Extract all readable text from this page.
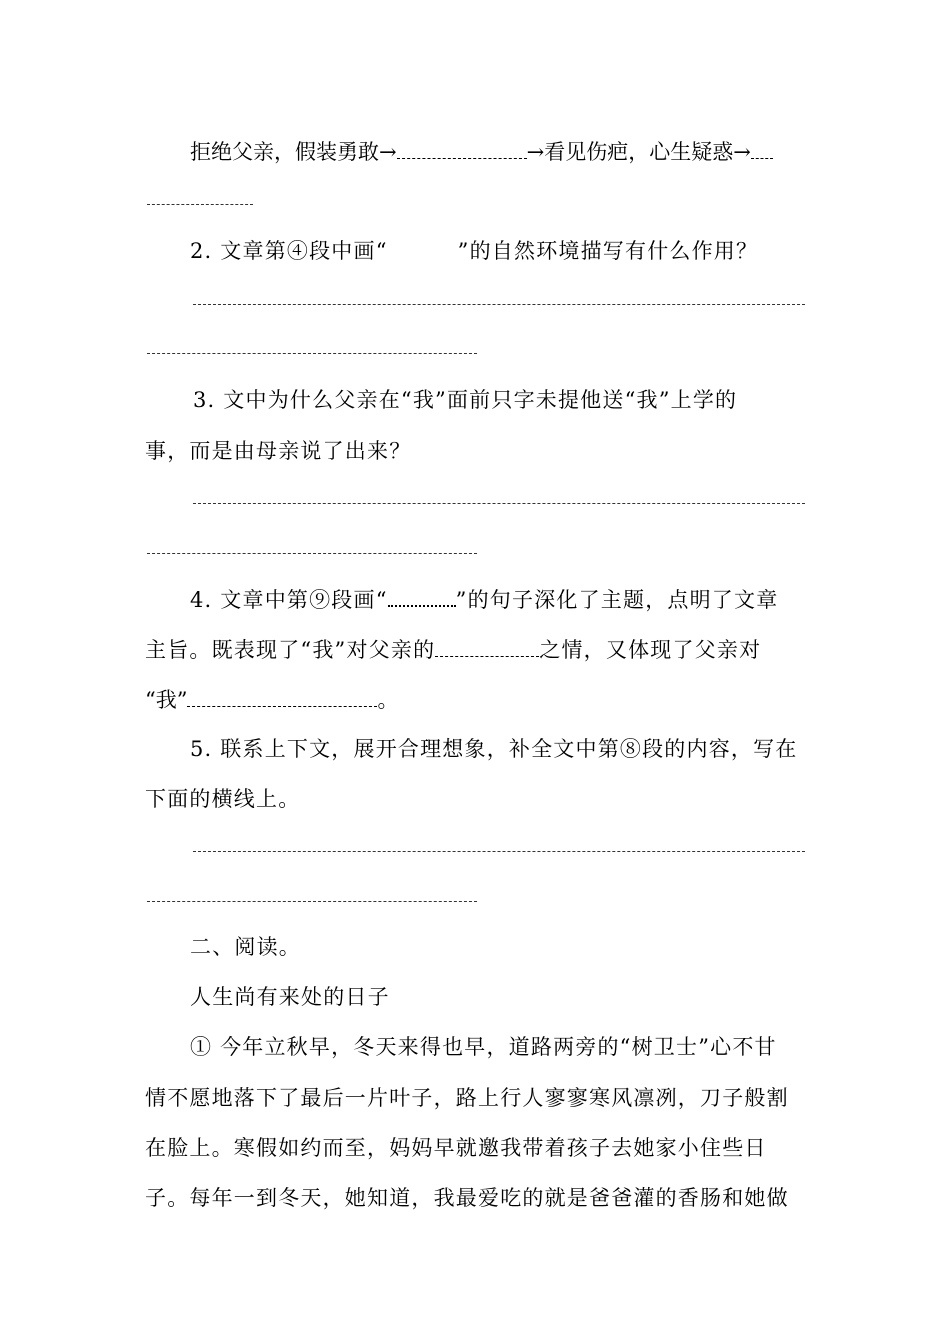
拒绝父亲，假装勇敢→	→看见伤疤，心生疑惑→
2. 文章第④段中画“	”的自然环境描写有什么作用？
3. 文中为什么父亲在“我”面前只字未提他送“我”上学的
事，而是由母亲说了出来？
4. 文章中第⑨段画“	”的句子深化了主题，点明了文章
主旨。既表现了“我”对父亲的	之情，又体现了父亲对
“我”	。
5. 联系上下文，展开合理想象，补全文中第⑧段的内容，写在
下面的横线上。
二、阅读。
人生尚有来处的日子
① 今年立秋早，冬天来得也早，道路两旁的“树卫士”心不甘
情不愿地落下了最后一片叶子，路上行人寥寥寒风凛冽，刀子般割
在脸上。寒假如约而至，妈妈早就邀我带着孩子去她家小住些日
子。每年一到冬天，她知道，我最爱吃的就是爸爸灌的香肠和她做
